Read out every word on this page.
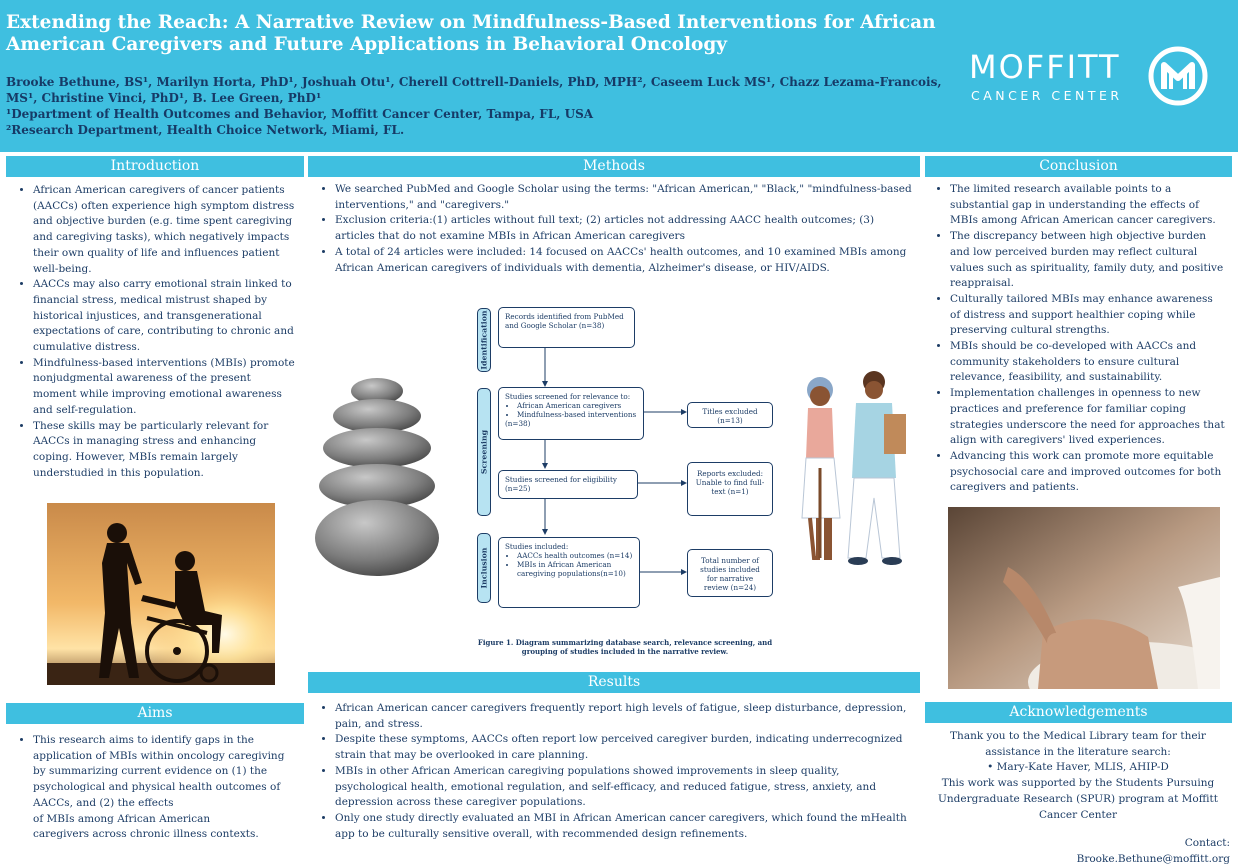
Extending the Reach: A Narrative Review on Mindfulness-Based Interventions for African American Caregivers and Future Applications in Behavioral Oncology
Brooke Bethune, BS¹, Marilyn Horta, PhD¹, Joshuah Otu¹, Cherell Cottrell-Daniels, PhD, MPH², Caseem Luck MS¹, Chazz Lezama-Francois, MS¹, Christine Vinci, PhD¹, B. Lee Green, PhD¹
¹Department of Health Outcomes and Behavior, Moffitt Cancer Center, Tampa, FL, USA
²Research Department, Health Choice Network, Miami, FL.
MOFFITT
CANCER CENTER
Introduction
• African American caregivers of cancer patients (AACCs) often experience high symptom distress and objective burden (e.g. time spent caregiving and caregiving tasks), which negatively impacts their own quality of life and influences patient well-being.
• AACCs may also carry emotional strain linked to financial stress, medical mistrust shaped by historical injustices, and transgenerational expectations of care, contributing to chronic and cumulative distress.
• Mindfulness-based interventions (MBIs) promote nonjudgmental awareness of the present moment while improving emotional awareness and self-regulation.
• These skills may be particularly relevant for AACCs in managing stress and enhancing coping. However, MBIs remain largely understudied in this population.
Aims
• This research aims to identify gaps in the application of MBIs within oncology caregiving by summarizing current evidence on (1) the psychological and physical health outcomes of AACCs, and (2) the effects
of MBIs among African American
caregivers across chronic illness contexts.
Methods
• We searched PubMed and Google Scholar using the terms: "African American," "Black," "mindfulness-based interventions," and "caregivers."
• Exclusion criteria:(1) articles without full text; (2) articles not addressing AACC health outcomes; (3) articles that do not examine MBIs in African American caregivers
• A total of 24 articles were included: 14 focused on AACCs' health outcomes, and 10 examined MBIs among African American caregivers of individuals with dementia, Alzheimer's disease, or HIV/AIDS.
Identification
Screening
Inclusion
Records identified from PubMed and Google Scholar (n=38)
Studies screened for relevance to:
• African American caregivers
• Mindfulness-based interventions
(n=38)
Titles excluded
(n=13)
Studies screened for eligibility
(n=25)
Reports excluded: Unable to find full-text (n=1)
Studies included:
• AACCs health outcomes (n=14)
• MBIs in African American caregiving populations(n=10)
Total number of studies included for narrative review (n=24)
Figure 1. Diagram summarizing database search, relevance screening, and grouping of studies included in the narrative review.
Results
• African American cancer caregivers frequently report high levels of fatigue, sleep disturbance, depression, pain, and stress.
• Despite these symptoms, AACCs often report low perceived caregiver burden, indicating underrecognized strain that may be overlooked in care planning.
• MBIs in other African American caregiving populations showed improvements in sleep quality, psychological health, emotional regulation, and self-efficacy, and reduced fatigue, stress, anxiety, and depression across these caregiver populations.
• Only one study directly evaluated an MBI in African American cancer caregivers, which found the mHealth app to be culturally sensitive overall, with recommended design refinements.
Conclusion
• The limited research available points to a substantial gap in understanding the effects of MBIs among African American cancer caregivers.
• The discrepancy between high objective burden and low perceived burden may reflect cultural values such as spirituality, family duty, and positive reappraisal.
• Culturally tailored MBIs may enhance awareness of distress and support healthier coping while preserving cultural strengths.
• MBIs should be co-developed with AACCs and community stakeholders to ensure cultural relevance, feasibility, and sustainability.
• Implementation challenges in openness to new practices and preference for familiar coping strategies underscore the need for approaches that align with caregivers' lived experiences.
• Advancing this work can promote more equitable psychosocial care and improved outcomes for both caregivers and patients.
Acknowledgements
Thank you to the Medical Library team for their assistance in the literature search:
• Mary-Kate Haver, MLIS, AHIP-D
This work was supported by the Students Pursuing Undergraduate Research (SPUR) program at Moffitt Cancer Center
Contact: Brooke.Bethune@moffitt.org
